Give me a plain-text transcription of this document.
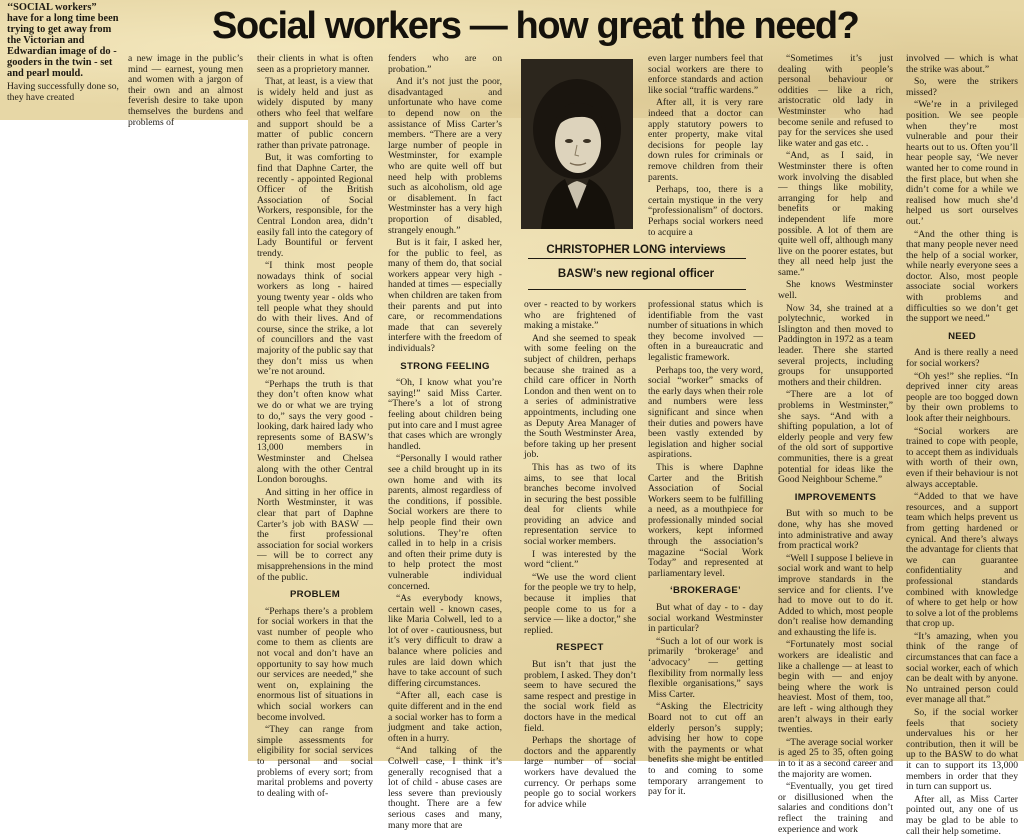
Social workers — how great the need?

‘‘SOCIAL workers” have for a long time been trying to get away from the Victorian and Edwardian image of do - gooders in the twin - set and pearl mould.

Having successfully done so, they have created

a new image in the public’s mind — earnest, young men and women with a jargon of their own and an almost feverish desire to take upon themselves the burdens and problems of

their clients in what is often seen as a proprietory manner.

That, at least, is a view that is widely held and just as widely disputed by many others who feel that welfare and support should be a matter of public concern rather than private patronage.

But, it was comforting to find that Daphne Carter, the recently - appointed Regional Officer of the British Association of Social Workers, responsible, for the Central London area, didn’t easily fall into the category of Lady Bountiful or fervent trendy.

“I think most people nowadays think of social workers as long - haired young twenty year - olds who tell people what they should do with their lives. And of course, since the strike, a lot of councillors and the vast majority of the public say that they don’t miss us when we’re not around.

“Perhaps the truth is that they don’t often know what we do or what we are trying to do,” says the very good - looking, dark haired lady who represents some of BASW’s 13,000 members in Westminster and Chelsea along with the other Central London boroughs.

And sitting in her office in North Westminster, it was clear that part of Daphne Carter’s job with BASW — the first professional association for social workers — will be to correct any misapprehensions in the mind of the public.

PROBLEM

“Perhaps there’s a problem for social workers in that the vast number of people who come to them as clients are not vocal and don’t have an opportunity to say how much our services are needed,” she went on, explaining the enormous list of situations in which social workers can become involved.

“They can range from simple assessments for eligibility for social services to personal and social problems of every sort; from marital problems and poverty to dealing with of-

fenders who are on probation.”

And it’s not just the poor, disadvantaged and unfortunate who have come to depend now on the assistance of Miss Carter’s members. “There are a very large number of people in Westminster, for example who are quite well off but need help with problems such as alcoholism, old age or disablement. In fact Westminster has a very high proportion of disabled, strangely enough.”

But is it fair, I asked her, for the public to feel, as many of them do, that social workers appear very high - handed at times — especially when children are taken from their parents and put into care, or recommendations made that can severely interfere with the freedom of individuals?

STRONG FEELING

“Oh, I know what you’re saying!” said Miss Carter. “There’s a lot of strong feeling about children being put into care and I must agree that cases which are wrongly handled.

“Personally I would rather see a child brought up in its own home and with its parents, almost regardless of the conditions, if possible. Social workers are there to help people find their own solutions. They’re often called in to help in a crisis and often their prime duty is to help protect the most vulnerable individual concerned.

“As everybody knows, certain well - known cases, like Maria Colwell, led to a lot of over - cautiousness, but it’s very difficult to draw a balance where policies and rules are laid down which have to take account of such differing circumstances.

“After all, each case is quite different and in the end a social worker has to form a judgment and take action, often in a hurry.

“And talking of the Colwell case, I think it’s generally recognised that a lot of child - abuse cases are less severe than previously thought. There are a few serious cases and many, many more that are

CHRISTOPHER LONG interviews
BASW’s new regional officer

over - reacted to by workers who are frightened of making a mistake.”

And she seemed to speak with some feeling on the subject of children, perhaps because she trained as a child care officer in North London and then went on to a series of administrative appointments, including one as Deputy Area Manager of the South Westminster Area, before taking up her present job.

This has as two of its aims, to see that local branches become involved in securing the best possible deal for clients while providing an advice and representation service to social worker members.

I was interested by the word “client.”

“We use the word client for the people we try to help, because it implies that people come to us for a service — like a doctor,” she replied.

RESPECT

But isn’t that just the problem, I asked. They don’t seem to have secured the same respect and prestige in the social work field as doctors have in the medical field.

Perhaps the shortage of doctors and the apparently large number of social workers have devalued the currency. Or perhaps some people go to social workers for advice while

even larger numbers feel that social workers are there to enforce standards and action like social “traffic wardens.”

After all, it is very rare indeed that a doctor can apply statutory powers to enter property, make vital decisions for people lay down rules for criminals or remove children from their parents.

Perhaps, too, there is a certain mystique in the very “professionalism” of doctors. Perhaps social workers need to acquire a

professional status which is identifiable from the vast number of situations in which they become involved — often in a bureaucratic and legalistic framework.

Perhaps too, the very word, social “worker” smacks of the early days when their role and numbers were less significant and since when their duties and powers have been vastly extended by legislation and higher social aspirations.

This is where Daphne Carter and the British Association of Social Workers seem to be fulfilling a need, as a mouthpiece for professionally minded social workers, kept informed through the association’s magazine “Social Work Today” and represented at parliamentary level.

‘BROKERAGE’

But what of day - to - day social workand Westminster in particular?

“Such a lot of our work is primarily ‘brokerage’ and ‘advocacy’ — getting flexibility from normally less flexible organisations,” says Miss Carter.

“Asking the Electricity Board not to cut off an elderly person’s supply; advising her how to cope with the payments or what benefits she might be entitled to and coming to some temporary arrangement to pay for it.

“Sometimes it’s just dealing with people’s personal behaviour or oddities — like a rich, aristocratic old lady in Westminster who had become senile and refused to pay for the services she used like water and gas etc. .

“And, as I said, in Westminster there is often work involving the disabled — things like mobility, arranging for help and benefits or making independent life more possible. A lot of them are quite well off, although many live on the poorer estates, but they all need help just the same.”

She knows Westminster well.

Now 34, she trained at a polytechnic, worked in Islington and then moved to Paddington in 1972 as a team leader. There she started several projects, including groups for unsupported mothers and their children.

“There are a lot of problems in Westminster,” she says. “And with a shifting population, a lot of elderly people and very few of the old sort of supportive communities, there is a great potential for ideas like the Good Neighbour Scheme.”

IMPROVEMENTS

But with so much to be done, why has she moved into administrative and away from practical work?

“Well I suppose I believe in social work and want to help improve standards in the service and for clients. I’ve had to move out to do it. Added to which, most people don’t realise how demanding and exhausting the life is.

“Fortunately most social workers are idealistic and like a challenge — at least to begin with — and enjoy being where the work is heaviest. Most of them, too, are left - wing although they aren’t always in their early twenties.

“The average social worker is aged 25 to 35, often going in to it as a second career and the majority are women.

“Eventually, you get tired or disillusioned when the salaries and conditions don’t reflect the training and experience and work

involved — which is what the strike was about.”

So, were the strikers missed?

“We’re in a privileged position. We see people when they’re most vulnerable and pour their hearts out to us. Often you’ll hear people say, ‘We never wanted her to come round in the first place, but when she didn’t come for a while we realised how much she’d helped us sort ourselves out.’

“And the other thing is that many people never need the help of a social worker, while nearly everyone sees a doctor. Also, most people associate social workers with problems and difficulties so we don’t get the support we need.”

NEED

And is there really a need for social workers?

“Oh yes!” she replies. “In deprived inner city areas people are too bogged down by their own problems to look after their neighbours.

“Social workers are trained to cope with people, to accept them as individuals with worth of their own, even if their behaviour is not always acceptable.

“Added to that we have resources, and a support team which helps prevent us from getting hardened or cynical. And there’s always the advantage for clients that we can guarantee confidentiality and professional standards combined with knowledge of where to get help or how to solve a lot of the problems that crop up.

“It’s amazing, when you think of the range of circumstances that can face a social worker, each of which can be dealt with by anyone. No untrained person could ever manage all that.”

So, if the social worker feels that society undervalues his or her contribution, then it will be up to the BASW to do what it can to support its 13,000 members in order that they in turn can support us.

After all, as Miss Carter pointed out, any one of us may be glad to be able to call their help sometime.
